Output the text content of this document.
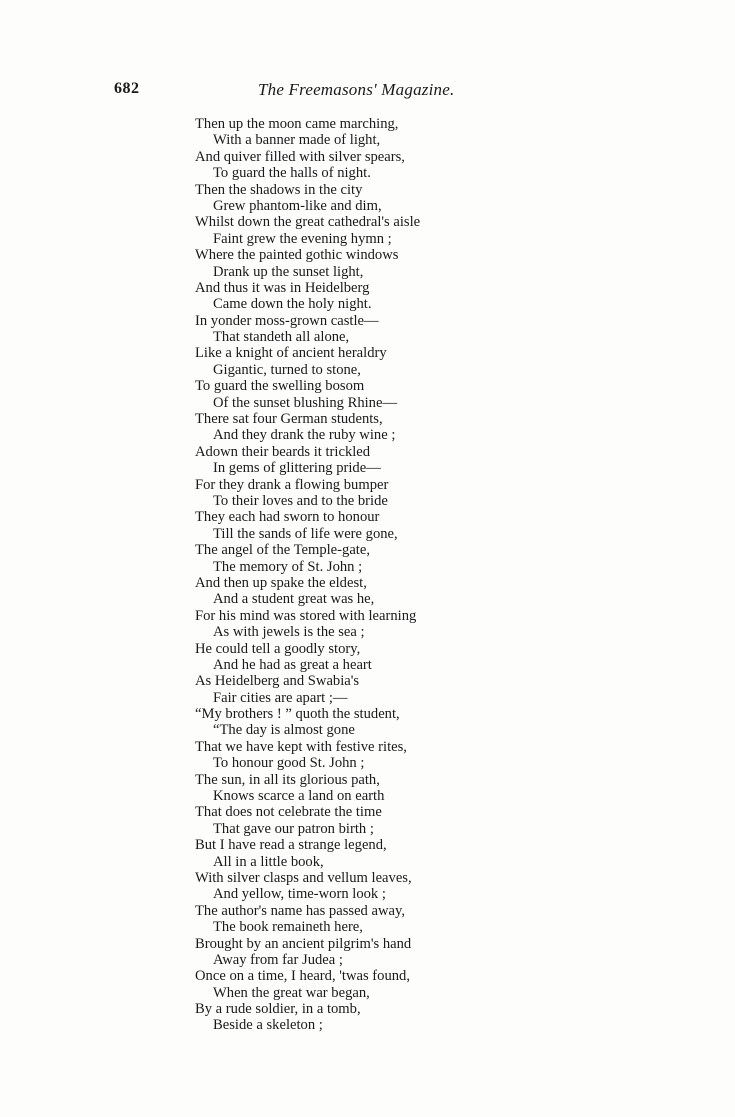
682	The Freemasons' Magazine.
Then up the moon came marching,
With a banner made of light,
And quiver filled with silver spears,
To guard the halls of night.
Then the shadows in the city
Grew phantom-like and dim,
Whilst down the great cathedral's aisle
Faint grew the evening hymn ;
Where the painted gothic windows
Drank up the sunset light,
And thus it was in Heidelberg
Came down the holy night.
In yonder moss-grown castle—
That standeth all alone,
Like a knight of ancient heraldry
Gigantic, turned to stone,
To guard the swelling bosom
Of the sunset blushing Rhine—
There sat four German students,
And they drank the ruby wine ;
Adown their beards it trickled
In gems of glittering pride—
For they drank a flowing bumper
To their loves and to the bride
They each had sworn to honour
Till the sands of life were gone,
The angel of the Temple-gate,
The memory of St. John ;
And then up spake the eldest,
And a student great was he,
For his mind was stored with learning
As with jewels is the sea ;
He could tell a goodly story,
And he had as great a heart
As Heidelberg and Swabia's
Fair cities are apart ;—
“My brothers ! ” quoth the student,
“The day is almost gone
That we have kept with festive rites,
To honour good St. John ;
The sun, in all its glorious path,
Knows scarce a land on earth
That does not celebrate the time
That gave our patron birth ;
But I have read a strange legend,
All in a little book,
With silver clasps and vellum leaves,
And yellow, time-worn look ;
The author's name has passed away,
The book remaineth here,
Brought by an ancient pilgrim's hand
Away from far Judea ;
Once on a time, I heard, 'twas found,
When the great war began,
By a rude soldier, in a tomb,
Beside a skeleton ;
